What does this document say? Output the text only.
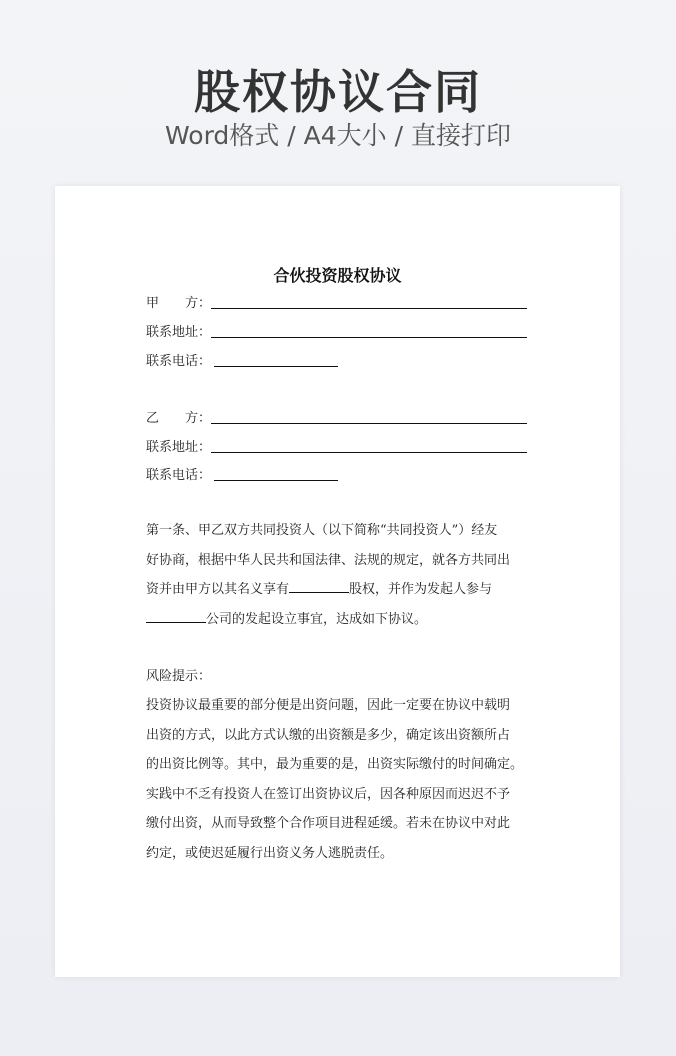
股权协议合同
Word格式 / A4大小 / 直接打印
合伙投资股权协议
甲　　方：
联系地址：
联系电话：
乙　　方：
联系地址：
联系电话：

第一条、甲乙双方共同投资人（以下简称“共同投资人”）经友

好协商，根据中华人民共和国法律、法规的规定，就各方共同出

资并由甲方以其名义享有	股权，并作为发起人参与

公司的发起设立事宜，达成如下协议。

风险提示：

投资协议最重要的部分便是出资问题，因此一定要在协议中载明

出资的方式，以此方式认缴的出资额是多少，确定该出资额所占

的出资比例等。其中，最为重要的是，出资实际缴付的时间确定。

实践中不乏有投资人在签订出资协议后，因各种原因而迟迟不予

缴付出资，从而导致整个合作项目进程延缓。若未在协议中对此

约定，或使迟延履行出资义务人逃脱责任。
